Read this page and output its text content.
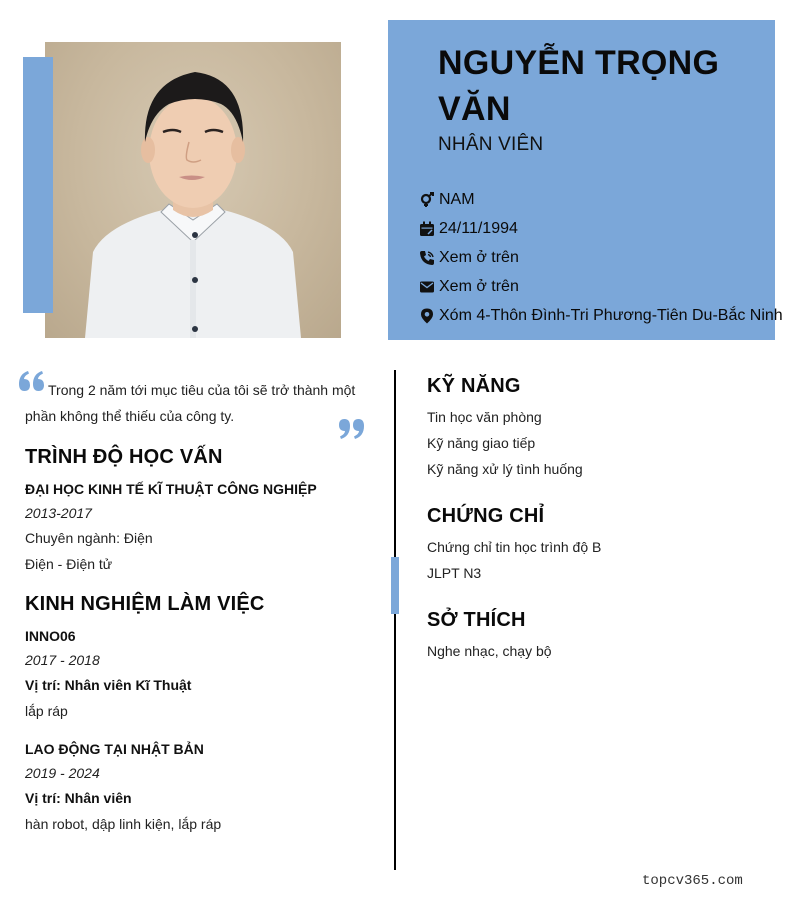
NGUYỄN TRỌNG VĂN
NHÂN VIÊN
NAM
24/11/1994
Xem ở trên
Xem ở trên
Xóm 4-Thôn Đình-Tri Phương-Tiên Du-Bắc Ninh
Trong 2 năm tới mục tiêu của tôi sẽ trở thành một phần không thể thiếu của công ty.
TRÌNH ĐỘ HỌC VẤN
ĐẠI HỌC KINH TẾ KĨ THUẬT CÔNG NGHIỆP
2013-2017
Chuyên ngành: Điện
Điện - Điện tử
KINH NGHIỆM LÀM VIỆC
INNO06
2017 - 2018
Vị trí: Nhân viên Kĩ Thuật
lắp ráp
LAO ĐỘNG TẠI NHẬT BẢN
2019 - 2024
Vị trí: Nhân viên
hàn robot, dập linh kiện, lắp ráp
KỸ NĂNG
Tin học văn phòng
Kỹ năng giao tiếp
Kỹ năng xử lý tình huống
CHỨNG CHỈ
Chứng chỉ tin học trình độ B
JLPT N3
SỞ THÍCH
Nghe nhạc, chạy bộ
topcv365.com
